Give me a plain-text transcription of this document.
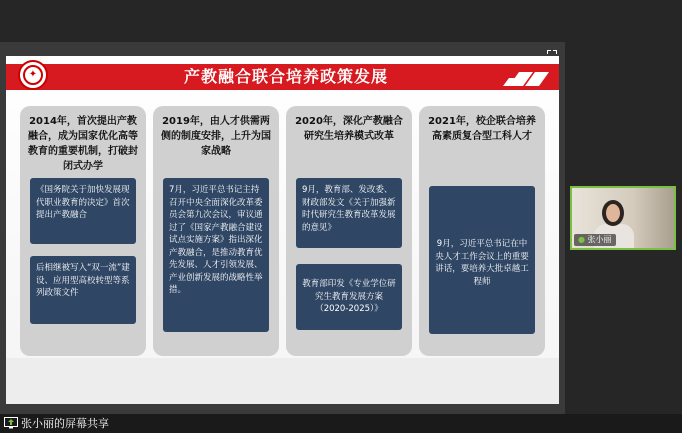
✦	产教融合联合培养政策发展
2014年，首次提出产教融合，成为国家优化高等教育的重要机制，打破封闭式办学
《国务院关于加快发展现代职业教育的决定》首次提出产教融合
后相继被写入“双一流”建设、应用型高校转型等系列政策文件
2019年，由人才供需两侧的制度安排，上升为国家战略
7月，习近平总书记主持召开中央全面深化改革委员会第九次会议，审议通过了《国家产教融合建设试点实施方案》指出深化产教融合，是推动教育优先发展、人才引领发展、产业创新发展的战略性举措。
2020年，深化产教融合研究生培养模式改革
9月，教育部、发改委、财政部发文《关于加强新时代研究生教育改革发展的意见》
教育部印发《专业学位研究生教育发展方案（2020-2025）》
2021年，校企联合培养高素质复合型工科人才
9月，习近平总书记在中央人才工作会议上的重要讲话，要培养大批卓越工程师
● 张小丽
张小丽的屏幕共享
